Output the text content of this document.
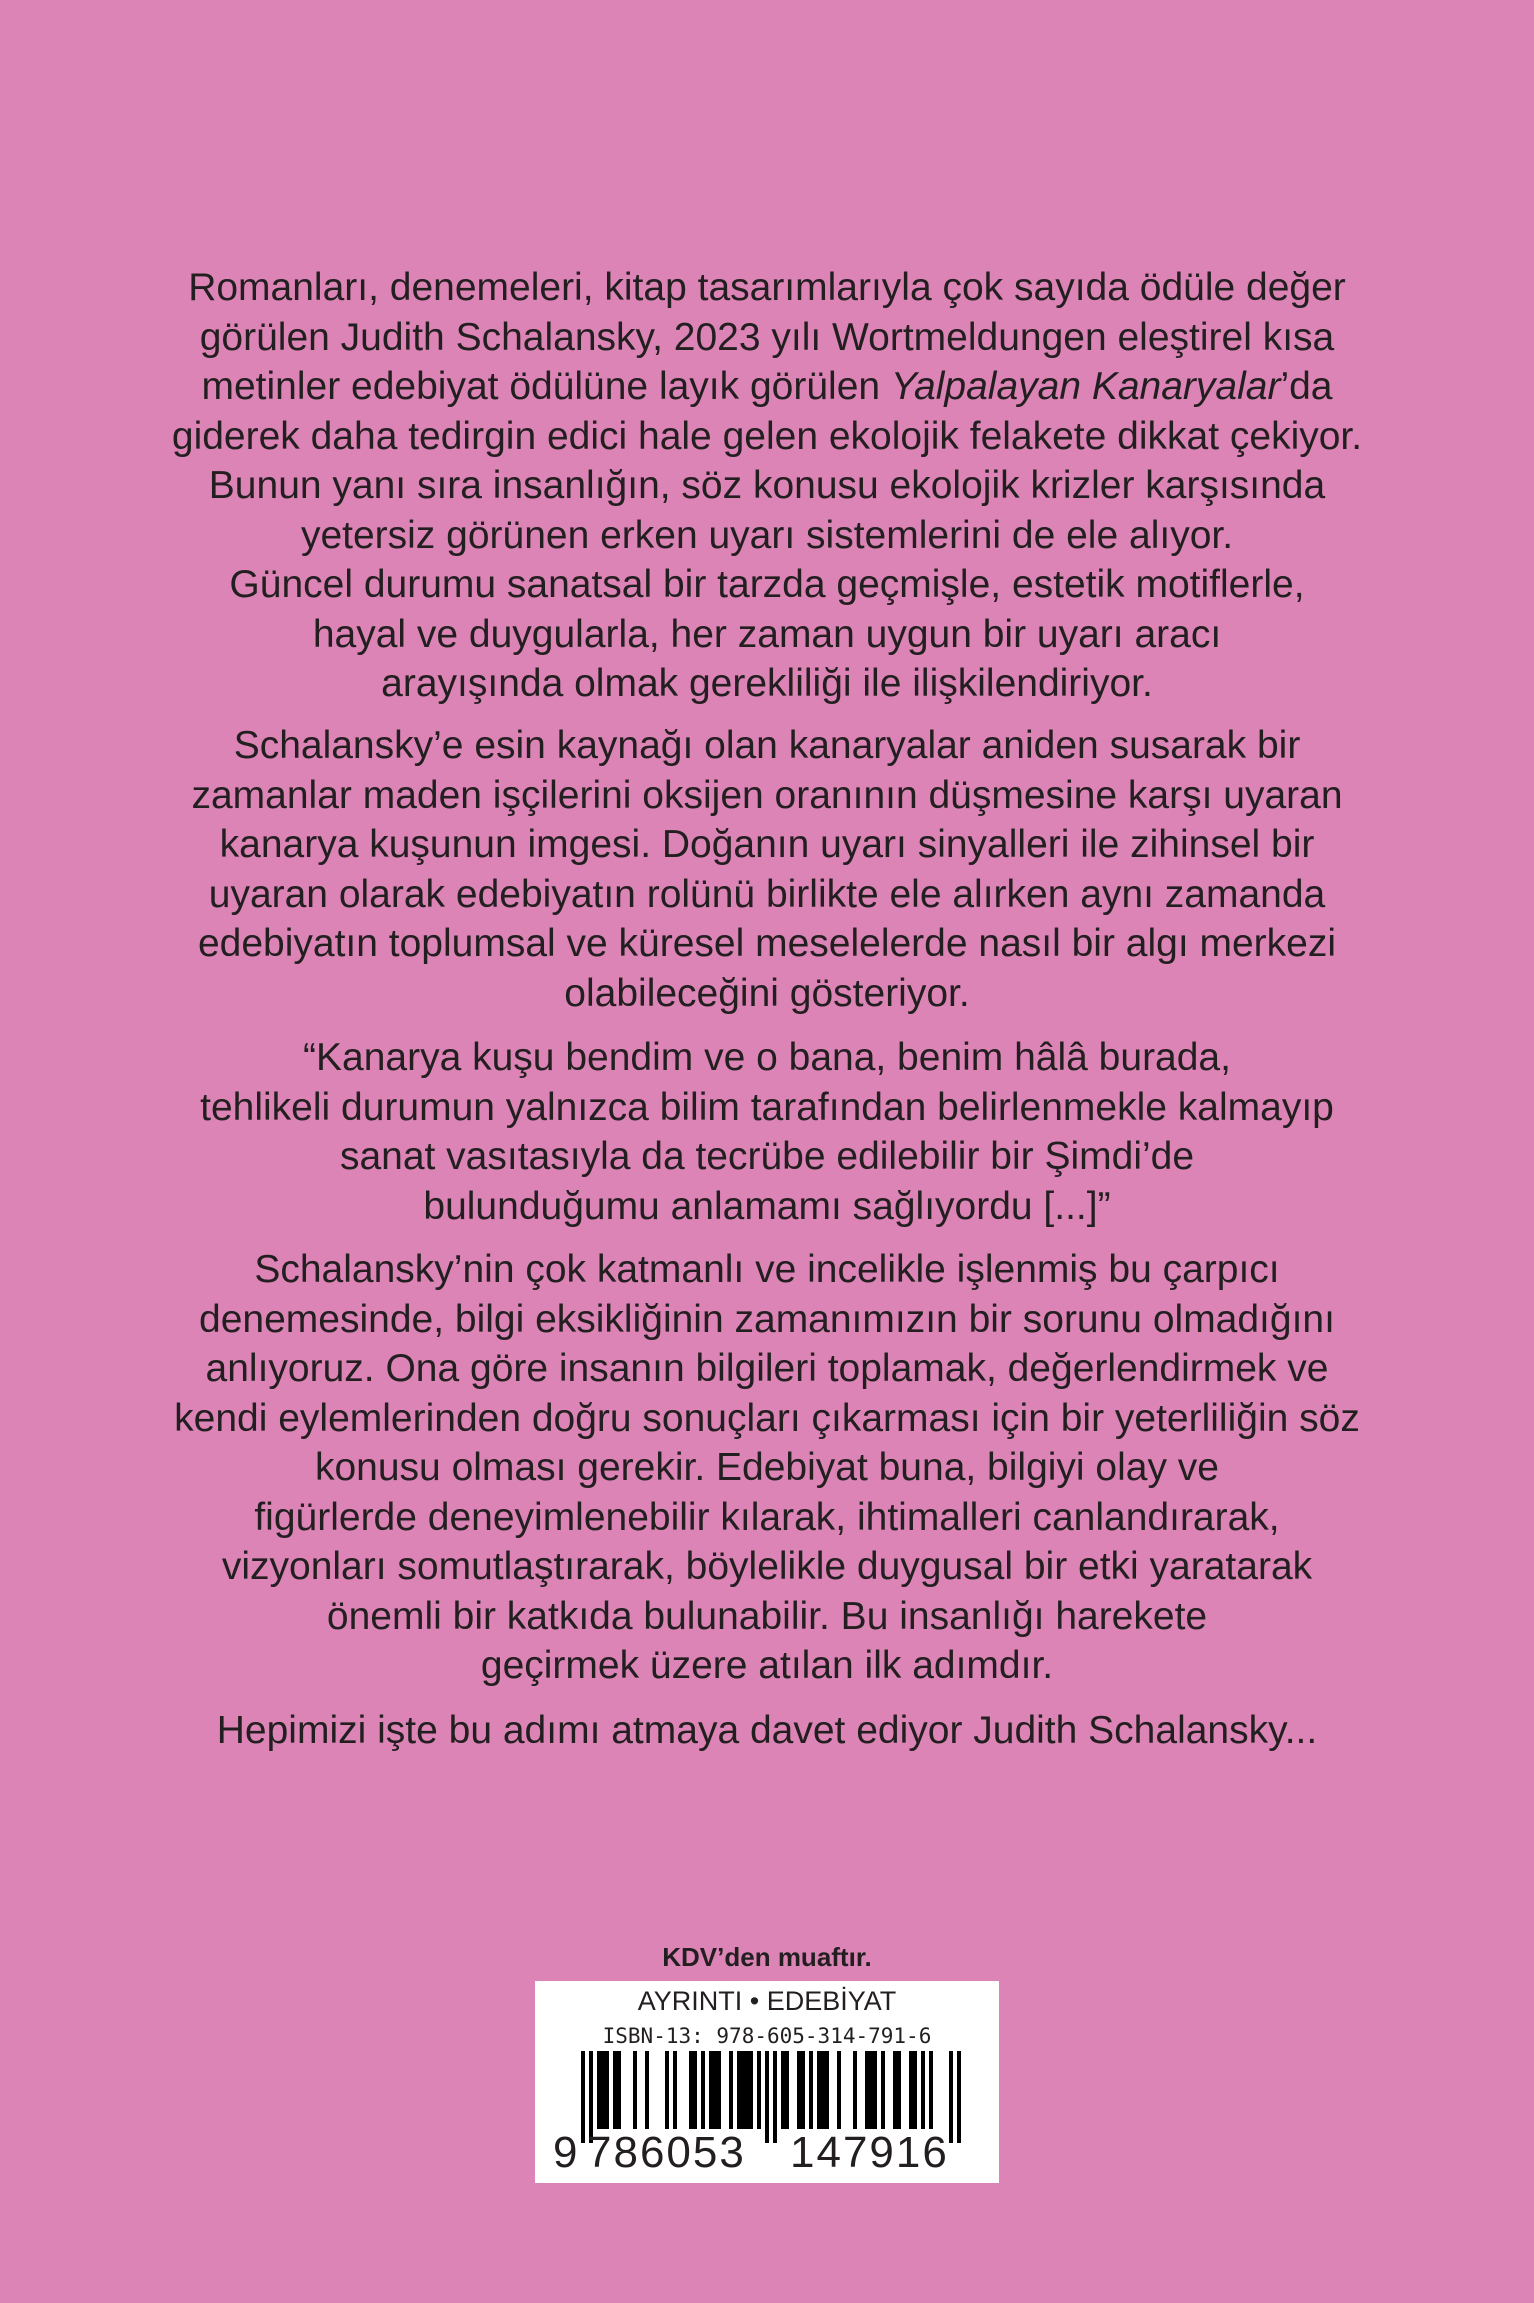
Romanları, denemeleri, kitap tasarımlarıyla çok sayıda ödüle değer
görülen Judith Schalansky, 2023 yılı Wortmeldungen eleştirel kısa
metinler edebiyat ödülüne layık görülen Yalpalayan Kanaryalar’da
giderek daha tedirgin edici hale gelen ekolojik felakete dikkat çekiyor.
Bunun yanı sıra insanlığın, söz konusu ekolojik krizler karşısında
yetersiz görünen erken uyarı sistemlerini de ele alıyor.
Güncel durumu sanatsal bir tarzda geçmişle, estetik motiflerle,
hayal ve duygularla, her zaman uygun bir uyarı aracı
arayışında olmak gerekliliği ile ilişkilendiriyor.
Schalansky’e esin kaynağı olan kanaryalar aniden susarak bir
zamanlar maden işçilerini oksijen oranının düşmesine karşı uyaran
kanarya kuşunun imgesi. Doğanın uyarı sinyalleri ile zihinsel bir
uyaran olarak edebiyatın rolünü birlikte ele alırken aynı zamanda
edebiyatın toplumsal ve küresel meselelerde nasıl bir algı merkezi
olabileceğini gösteriyor.
“Kanarya kuşu bendim ve o bana, benim hâlâ burada,
tehlikeli durumun yalnızca bilim tarafından belirlenmekle kalmayıp
sanat vasıtasıyla da tecrübe edilebilir bir Şimdi’de
bulunduğumu anlamamı sağlıyordu [...]”
Schalansky’nin çok katmanlı ve incelikle işlenmiş bu çarpıcı
denemesinde, bilgi eksikliğinin zamanımızın bir sorunu olmadığını
anlıyoruz. Ona göre insanın bilgileri toplamak, değerlendirmek ve
kendi eylemlerinden doğru sonuçları çıkarması için bir yeterliliğin söz
konusu olması gerekir. Edebiyat buna, bilgiyi olay ve
figürlerde deneyimlenebilir kılarak, ihtimalleri canlandırarak,
vizyonları somutlaştırarak, böylelikle duygusal bir etki yaratarak
önemli bir katkıda bulunabilir. Bu insanlığı harekete
geçirmek üzere atılan ilk adımdır.
Hepimizi işte bu adımı atmaya davet ediyor Judith Schalansky...
KDV’den muaftır.
AYRINTI • EDEBİYAT
ISBN-13: 978-605-314-791-6
9 786053 147916
